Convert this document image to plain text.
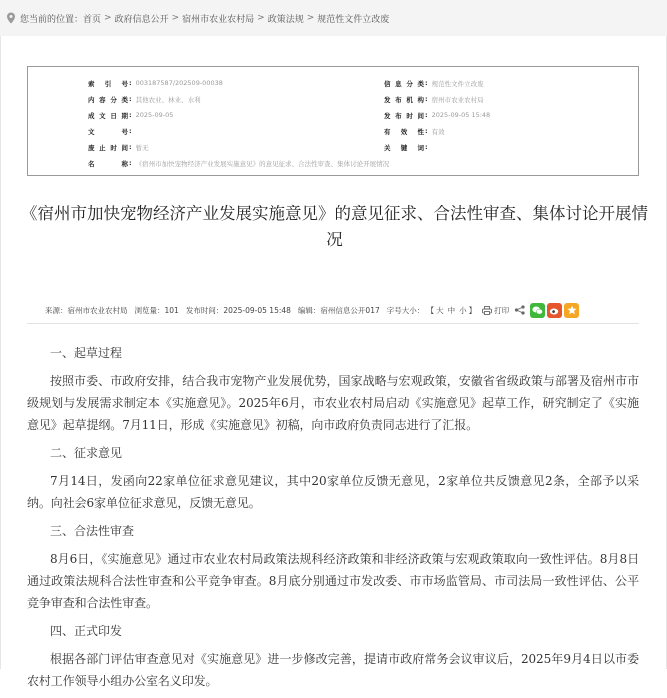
您当前的位置： 首页 > 政府信息公开 > 宿州市农业农村局 > 政策法规 > 规范性文件立改废
索 引 号 : 003187587/202509-00038	信息分类 : 规范性文件立改废
内容分类 : 其他农业、林业、水利	发布机构 : 宿州市农业农村局
成文日期 : 2025-09-05	发布时间 : 2025-09-05 15:48
文 号 :	有 效 性 : 有效
废止时间 : 暂无	关 键 词 :
名 称 : 《宿州市加快宠物经济产业发展实施意见》的意见征求、合法性审查、集体讨论开展情况
《宿州市加快宠物经济产业发展实施意见》的意见征求、合法性审查、集体讨论开展情况
来源：宿州市农业农村局 浏览量：101 发布时间：2025-09-05 15:48 编辑：宿州信息公开017 字号大小： 【 大 中 小 】 打印
一、起草过程

按照市委、市政府安排，结合我市宠物产业发展优势，国家战略与宏观政策，安徽省省级政策与部署及宿州市市级规划与发展需求制定本《实施意见》。2025年6月，市农业农村局启动《实施意见》起草工作，研究制定了《实施意见》起草提纲。7月11日，形成《实施意见》初稿，向市政府负责同志进行了汇报。

二、征求意见

7月14日，发函向22家单位征求意见建议，其中20家单位反馈无意见，2家单位共反馈意见2条，全部予以采纳。向社会6家单位征求意见，反馈无意见。

三、合法性审查

8月6日，《实施意见》通过市农业农村局政策法规科经济政策和非经济政策与宏观政策取向一致性评估。8月8日通过政策法规科合法性审查和公平竞争审查。8月底分别通过市发改委、市市场监管局、市司法局一致性评估、公平竞争审查和合法性审查。

四、正式印发

根据各部门评估审查意见对《实施意见》进一步修改完善，提请市政府常务会议审议后，2025年9月4日以市委农村工作领导小组办公室名义印发。
